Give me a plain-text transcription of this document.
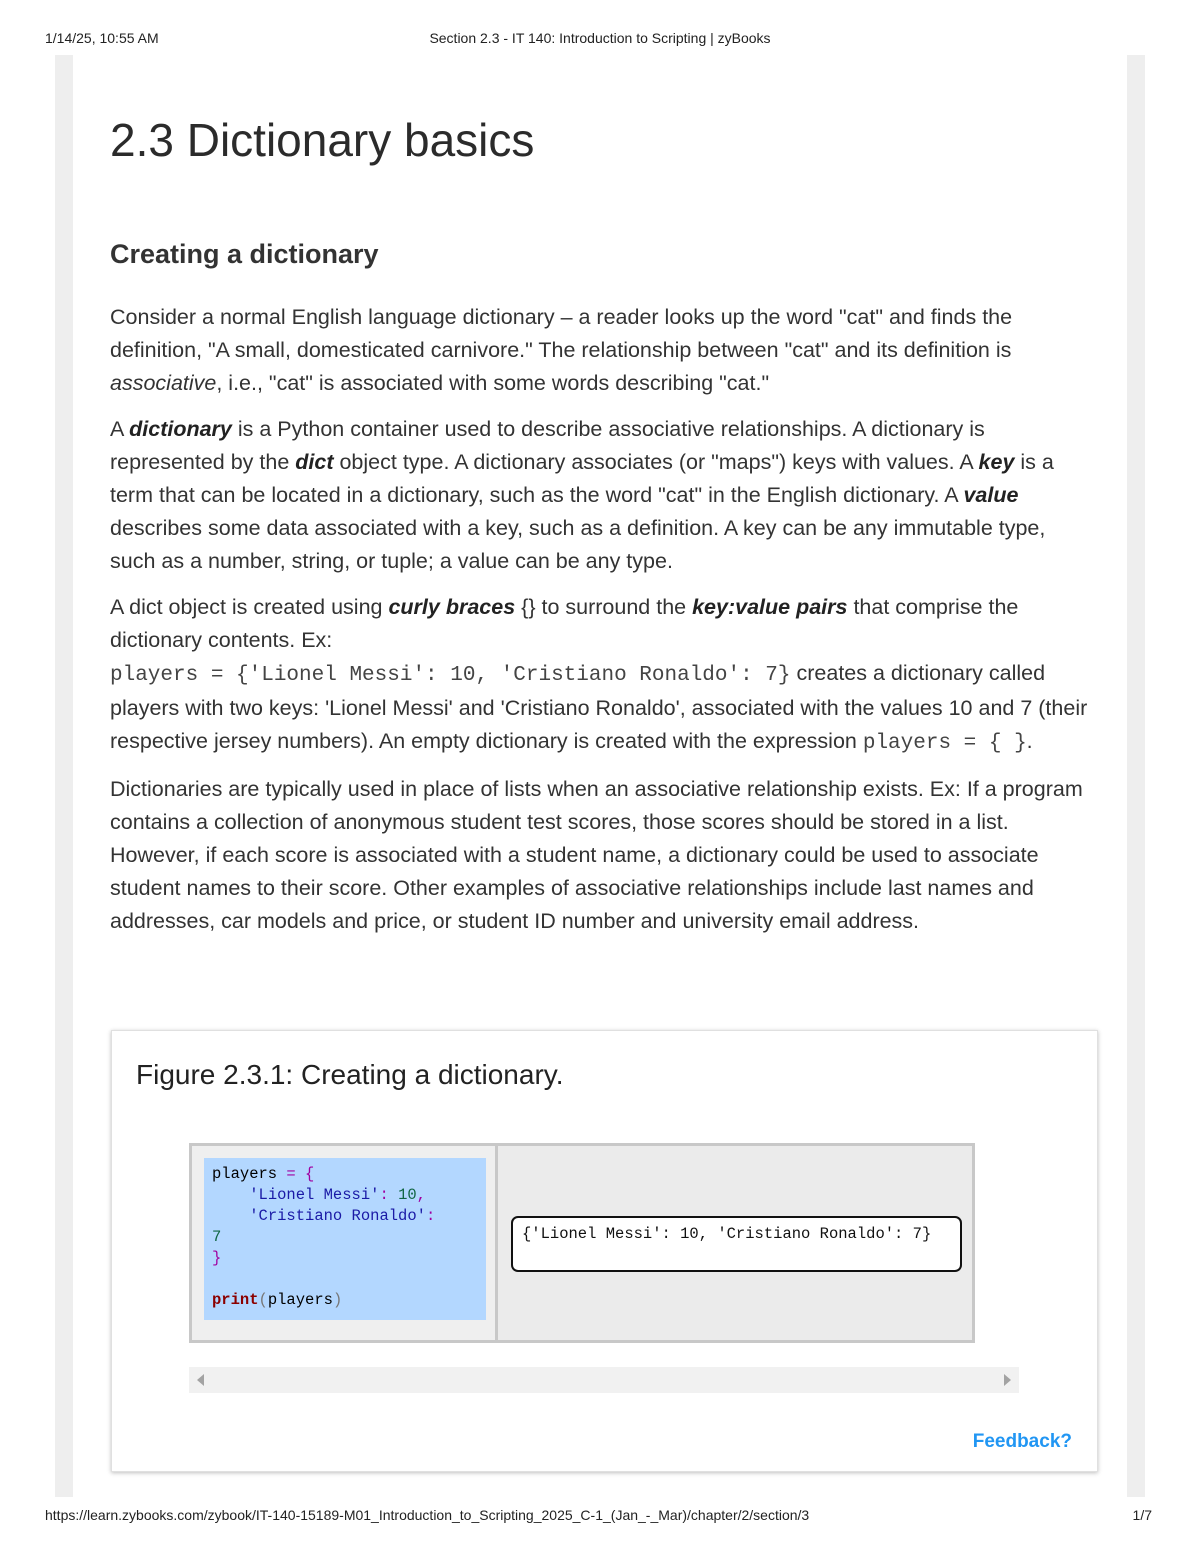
1/14/25, 10:55 AM	Section 2.3 - IT 140: Introduction to Scripting | zyBooks
2.3 Dictionary basics
Creating a dictionary

Consider a normal English language dictionary – a reader looks up the word "cat" and finds the definition, "A small, domesticated carnivore." The relationship between "cat" and its definition is associative, i.e., "cat" is associated with some words describing "cat."

A dictionary is a Python container used to describe associative relationships. A dictionary is represented by the dict object type. A dictionary associates (or "maps") keys with values. A key is a term that can be located in a dictionary, such as the word "cat" in the English dictionary. A value describes some data associated with a key, such as a definition. A key can be any immutable type, such as a number, string, or tuple; a value can be any type.

A dict object is created using curly braces {} to surround the key:value pairs that comprise the dictionary contents. Ex:
players = {'Lionel Messi': 10, 'Cristiano Ronaldo': 7} creates a dictionary called players with two keys: 'Lionel Messi' and 'Cristiano Ronaldo', associated with the values 10 and 7 (their respective jersey numbers). An empty dictionary is created with the expression players = { }.

Dictionaries are typically used in place of lists when an associative relationship exists. Ex: If a program contains a collection of anonymous student test scores, those scores should be stored in a list. However, if each score is associated with a student name, a dictionary could be used to associate student names to their score. Other examples of associative relationships include last names and addresses, car models and price, or student ID number and university email address.

Figure 2.3.1: Creating a dictionary.
players = {
'Lionel Messi': 10,
'Cristiano Ronaldo':
7
}

print(players)
{'Lionel Messi': 10, 'Cristiano Ronaldo': 7}
Feedback?
https://learn.zybooks.com/zybook/IT-140-15189-M01_Introduction_to_Scripting_2025_C-1_(Jan_-_Mar)/chapter/2/section/3	1/7
